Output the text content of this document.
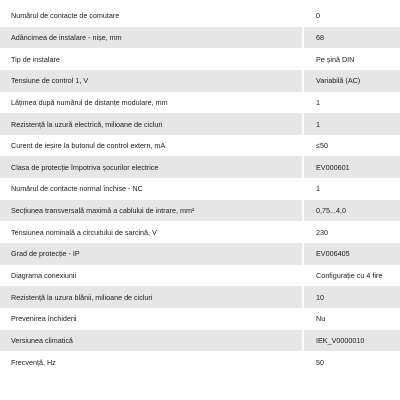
Numărul de contacte de comutare	0
Adâncimea de instalare - nișe, mm	68
Tip de instalare	Pe șină DIN
Tensiune de control 1, V	Variabilă (AC)
Lățimea după numărul de distanțe modulare, mm	1
Rezistență la uzură electrică, milioane de cicluri	1
Curent de ieșire la butonul de control extern, mA	≤50
Clasa de protecție împotriva șocurilor electrice	EV000601
Numărul de contacte normal închise - NC	1
Secțiunea transversală maximă a cablului de intrare, mm²	0,75...4,0
Tensiunea nominală a circuitului de sarcină, V	230
Grad de protecție - IP	EV006405
Diagrama conexiunii	Configurație cu 4 fire
Rezistență la uzura blănii, milioane de cicluri	10
Prevenirea închiderii	Nu
Versiunea climatică	IEK_V0000010
Frecvență, Hz	50
